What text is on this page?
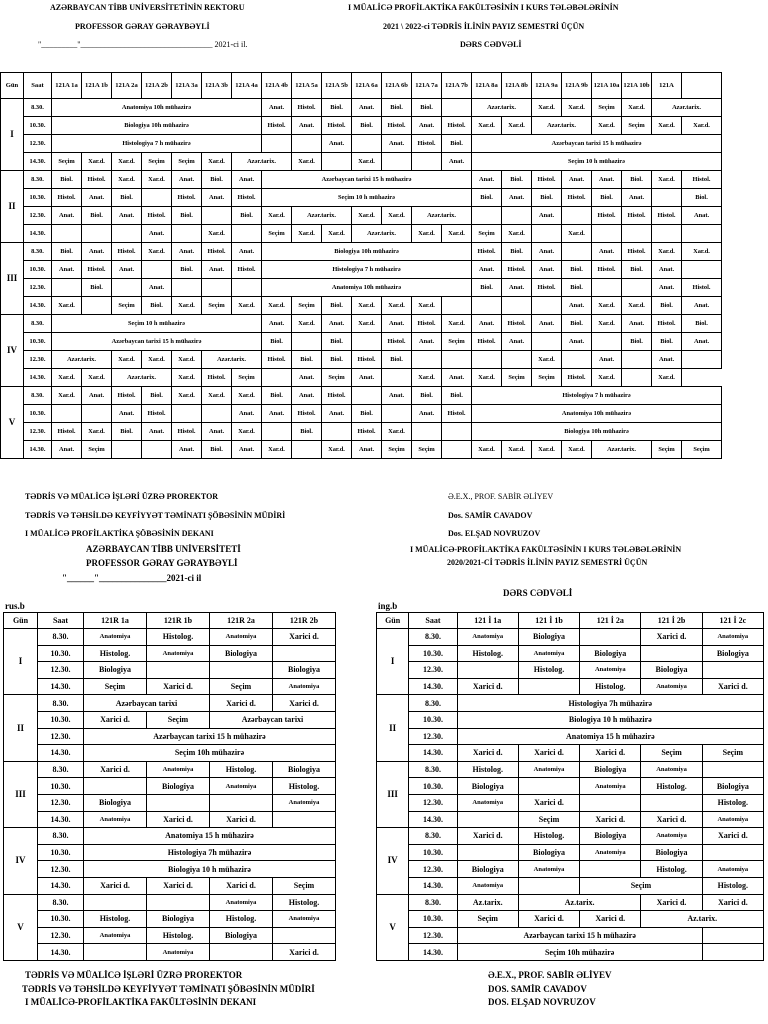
AZƏRBAYCAN TİBB UNİVERSİTETİNİN REKTORU
PROFESSOR GƏRAY GƏRAYBƏYLİ
"_________"_________________________________ 2021-ci il.
I MÜALİCƏ PROFİLAKTİKA FAKÜLTƏSİNİN I KURS TƏLƏBƏLƏRİNİN
2021 \ 2022-ci TƏDRİS İLİNİN PAYIZ SEMESTRİ ÜÇÜN
DƏRS CƏDVƏLİ
Gün	Saat	121A 1a	121A 1b	121A 2a	121A 2b	121A 3a	121A 3b	121A 4a	121A 4b	121A 5a	121A 5b	121A 6a	121A 6b	121A 7a	121A 7b	121A 8a	121A 8b	121A 9a	121A 9b	121A 10a	121A 10b	121A	
I	8.30.	Anatomiya 10h mühazirə							Anat.	Histol.	Biol.	Anat.	Biol.	Biol.		Azər.tarix.		Xar.d.	Xar.d.	Seçim	Xar.d.	Azər.tarix.	
	10.30.	Biologiya 10h mühazirə							Histol.	Anat.	Histol.	Biol.	Histol.	Anat.	Histol.	Xar.d.	Xar.d.	Azər.tarix.		Xar.d.	Seçim	Xar.d.	Xar.d.
	12.30.	Histologiya 7 h mühazirə									Anat.		Anat.	Histol.	Biol.	Azərbaycan tarixi 15 h mühazirə							
	14.30.	Seçim	Xar.d.	Xar.d.	Seçim	Seçim	Xar.d.	Azər.tarix.		Xar.d.		Xar.d.			Anat.	Seçim 10 h mühazirə							
II	8.30.	Biol.	Histol.	Xar.d.	Xar.d.	Anat.	Biol.	Anat.	Azərbaycan tarixi 15 h mühazirə							Anat.	Biol.	Histol.	Anat.	Anat.	Biol.	Xar.d.	Histol.
	10.30.	Histol.	Anat.	Biol.		Histol.	Anat.	Histol.	Seçim 10 h mühazirə							Biol.	Anat.	Biol.	Histol.	Biol.	Anat.		Biol.
	12.30.	Anat.	Biol.	Anat.	Histol.	Biol.		Biol.	Xar.d.	Azər.tarix.		Xar.d.	Xar.d.	Azər.tarix.				Anat.		Histol.	Histol.	Histol.	Anat.
	14.30.				Anat.		Xar.d.		Seçim	Xar.d.	Xar.d.	Azər.tarix.		Xar.d.	Xar.d.	Seçim	Xar.d.		Xar.d.				
III	8.30.	Biol.	Anat.	Histol.	Xar.d.	Anat.	Histol.	Anat.	Biologiya 10h mühazirə							Histol.	Biol.	Anat.		Anat.	Histol.	Xar.d.	Xar.d.
	10.30.	Anat.	Histol.	Anat.		Biol.	Anat.	Histol.	Histologiya 7 h mühazirə							Anat.	Histol.	Anat.	Biol.	Histol.	Biol.	Anat.	
	12.30.		Biol.		Anat.				Anatomiya 10h mühazirə							Biol.	Anat.	Histol.	Biol.			Anat.	Histol.
	14.30.	Xar.d.		Seçim	Biol.	Xar.d.	Seçim	Xar.d.	Xar.d.	Seçim	Biol.	Xar.d.	Xar.d.	Xar.d.					Anat.	Xar.d.	Xar.d.	Biol.	Anat.
IV	8.30.	Seçim 10 h mühazirə							Anat.	Xar.d.	Anat.	Xar.d.	Anat.	Histol.	Xar.d.	Anat.	Histol.	Anat.	Biol.	Xar.d.	Anat.	Histol.	Biol.
	10.30.	Azərbaycan tarixi 15 h mühazirə							Biol.		Biol.		Histol.	Anat.	Seçim	Histol.	Anat.		Anat.		Biol.	Biol.	Anat.
	12.30.	Azər.tarix.		Xar.d.	Xar.d.	Xar.d.	Azər.tarix.		Histol.	Biol.	Biol.	Histol.	Biol.					Xar.d.		Anat.		Anat.	
	14.30.	Xar.d.	Xar.d.	Azər.tarix.		Xar.d.	Histol.	Seçim		Anat.	Seçim	Anat.		Xar.d.	Anat.	Xar.d.	Seçim	Seçim	Histol.	Xar.d.		Xar.d.	
V	8.30.	Xar.d.	Anat.	Histol.	Biol.	Xar.d.	Xar.d.	Xar.d.	Biol.	Anat.	Histol.		Anat.	Biol.	Biol.	Histologiya 7 h mühazirə							
	10.30.			Anat.	Histol.			Anat.	Anat.	Histol.	Anat.	Biol.		Anat.	Histol.	Anatomiya 10h mühazirə							
	12.30.	Histol.	Xar.d.	Biol.	Anat.	Histol.	Anat.	Xar.d.		Biol.		Histol.	Xar.d.			Biologiya 10h mühazirə							
	14.30.	Anat.	Seçim			Anat.	Biol.	Anat.	Xar.d.		Xar.d.	Anat.	Seçim	Seçim		Xar.d.	Xar.d.	Xar.d.	Xar.d.	Azər.tarix.		Seçim	Seçim
TƏDRİS VƏ MÜALİCƏ İŞLƏRİ ÜZRƏ PROREKTOR
TƏDRİS VƏ TƏHSİLDƏ KEYFİYYƏT TƏMİNATI ŞÖBƏSİNİN MÜDİRİ
I MÜALİCƏ PROFİLAKTİKA ŞÖBƏSİNİN DEKANI
Ə.E.X., PROF. SABİR ƏLİYEV
Dos. SAMİR CAVADOV
Dos. ELŞAD NOVRUZOV
AZƏRBAYCAN TİBB UNİVERSİTETİ
PROFESSOR GƏRAY GƏRAYBƏYLİ
"______"_______________2021-ci il
I MÜALİCƏ-PROFİLAKTİKA FAKÜLTƏSİNİN I KURS TƏLƏBƏLƏRİNİN
2020/2021-Cİ TƏDRİS İLİNİN PAYIZ SEMESTRİ ÜÇÜN
DƏRS CƏDVƏLİ
rus.b
Gün	Saat	121R 1a	121R 1b	121R 2a	121R 2b
I	8.30.	Anatomiya	Histolog.	Anatomiya	Xarici d.
	10.30.	Histolog.	Anatomiya	Biologiya	
	12.30.	Biologiya			Biologiya
	14.30.	Seçim	Xarici d.	Seçim	Anatomiya
II	8.30.	Azərbaycan tarixi		Xarici d.	Xarici d.
	10.30.	Xarici d.	Seçim	Azərbaycan tarixi	
	12.30.	Azərbaycan tarixi 15 h mühazirə			
	14.30.	Seçim 10h mühazirə			
III	8.30.	Xarici d.	Anatomiya	Histolog.	Biologiya
	10.30.		Biologiya	Anatomiya	Histolog.
	12.30.	Biologiya			Anatomiya
	14.30.	Anatomiya	Xarici d.	Xarici d.	
IV	8.30.	Anatomiya 15 h mühazirə			
	10.30.	Histologiya 7h mühazirə			
	12.30.	Biologiya 10 h mühazirə			
	14.30.	Xarici d.	Xarici d.	Xarici d.	Seçim
V	8.30.			Anatomiya	Histolog.
	10.30.	Histolog.	Biologiya	Histolog.	Anatomiya
	12.30.	Anatomiya	Histolog.	Biologiya	
	14.30.		Anatomiya		Xarici d.
ing.b
Gün	Saat	121 İ 1a	121 İ 1b	121 İ 2a	121 İ 2b	121 İ 2c
I	8.30.	Anatomiya	Biologiya		Xarici d.	Anatomiya
	10.30.	Histolog.	Anatomiya	Biologiya		Biologiya
	12.30.		Histolog.	Anatomiya	Biologiya	
	14.30.	Xarici d.		Histolog.	Anatomiya	Xarici d.
II	8.30.	Histologiya 7h mühazirə				
	10.30.	Biologiya 10 h mühazirə				
	12.30.	Anatomiya 15 h mühazirə				
	14.30.	Xarici d.	Xarici d.	Xarici d.	Seçim	Seçim
III	8.30.	Histolog.	Anatomiya	Biologiya	Anatomiya	
	10.30.	Biologiya		Anatomiya	Histolog.	Biologiya
	12.30.	Anatomiya	Xarici d.			Histolog.
	14.30.		Seçim	Xarici d.	Xarici d.	Anatomiya
IV	8.30.	Xarici d.	Histolog.	Biologiya	Anatomiya	Xarici d.
	10.30.		Biologiya	Anatomiya	Biologiya	
	12.30.	Biologiya	Anatomiya		Histolog.	Anatomiya
	14.30.	Anatomiya		Seçim		Histolog.
V	8.30.	Az.tarix.	Az.tarix.		Xarici d.	Xarici d.
	10.30.	Seçim	Xarici d.	Xarici d.	Az.tarix.	
	12.30.	Azərbaycan tarixi 15 h mühazirə				
	14.30.	Seçim 10h mühazirə				
TƏDRİS VƏ MÜALİCƏ İŞLƏRİ ÜZRƏ PROREKTOR
TƏDRİS VƏ TƏHSİLDƏ KEYFİYYƏT TƏMİNATI ŞÖBƏSİNİN MÜDİRİ
I MÜALİCƏ-PROFİLAKTİKA FAKÜLTƏSİNİN DEKANI
Ə.E.X., PROF. SABİR ƏLİYEV
DOS. SAMİR CAVADOV
DOS. ELŞAD NOVRUZOV
